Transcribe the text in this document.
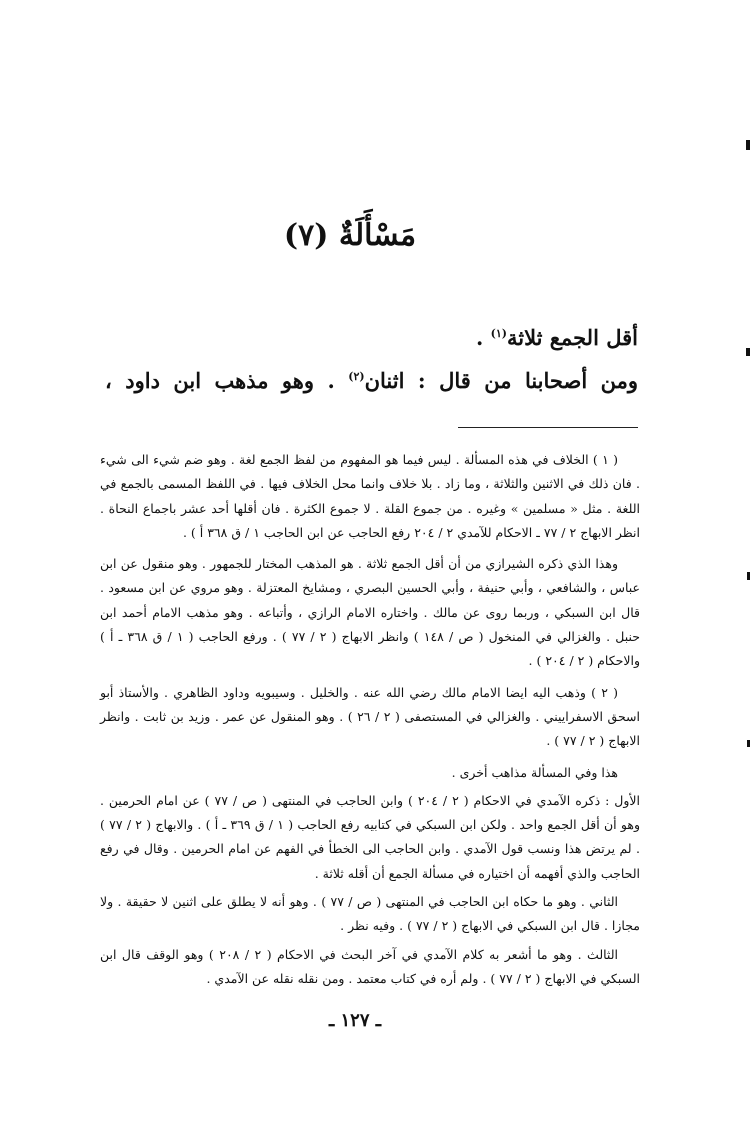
مَسْأَلَةٌ (٧)
أقل الجمع ثلاثة$^{(١)}$ .
ومن أصحابنا من قال : اثنان$^{(٢)}$ . وهو مذهب ابن داود ،

( ١ ) الخلاف في هذه المسألة . ليس فيما هو المفهوم من لفظ الجمع لغة . وهو ضم شيء الى شيء . فان ذلك في الاثنين والثلاثة ، وما زاد . بلا خلاف وانما محل الخلاف فيها . في اللفظ المسمى بالجمع في اللغة . مثل « مسلمين » وغيره . من جموع القلة . لا جموع الكثرة . فان أقلها أحد عشر باجماع النحاة . انظر الابهاج ٢ / ٧٧ ـ الاحكام للآمدي ٢ / ٢٠٤ رفع الحاجب عن ابن الحاجب ١ / ق ٣٦٨ أ ) .

وهذا الذي ذكره الشيرازي من أن أقل الجمع ثلاثة . هو المذهب المختار للجمهور . وهو منقول عن ابن عباس ، والشافعي ، وأبي حنيفة ، وأبي الحسين البصري ، ومشايخ المعتزلة . وهو مروي عن ابن مسعود . قال ابن السبكي ، وربما روى عن مالك . واختاره الامام الرازي ، وأتباعه . وهو مذهب الامام أحمد ابن حنبل . والغزالي في المنخول ( ص / ١٤٨ ) وانظر الابهاج ( ٢ / ٧٧ ) . ورفع الحاجب ( ١ / ق ٣٦٨ ـ أ ) والاحكام ( ٢ / ٢٠٤ ) .

( ٢ ) وذهب اليه ايضا الامام مالك رضي الله عنه . والخليل . وسيبويه وداود الظاهري . والأستاذ أبو اسحق الاسفراييني . والغزالي في المستصفى ( ٢ / ٢٦ ) . وهو المنقول عن عمر . وزيد بن ثابت . وانظر الابهاج ( ٢ / ٧٧ ) .

هذا وفي المسألة مذاهب أخرى .

الأول : ذكره الآمدي في الاحكام ( ٢ / ٢٠٤ ) وابن الحاجب في المنتهى ( ص / ٧٧ ) عن امام الحرمين . وهو أن أقل الجمع واحد . ولكن ابن السبكي في كتابيه رفع الحاجب ( ١ / ق ٣٦٩ ـ أ ) . والابهاج ( ٢ / ٧٧ ) . لم يرتض هذا ونسب قول الآمدي . وابن الحاجب الى الخطأ في الفهم عن امام الحرمين . وقال في رفع الحاجب والذي أفهمه أن اختياره في مسألة الجمع أن أقله ثلاثة .

الثاني . وهو ما حكاه ابن الحاجب في المنتهى ( ص / ٧٧ ) . وهو أنه لا يطلق على اثنين لا حقيقة . ولا مجازا . قال ابن السبكي في الابهاج ( ٢ / ٧٧ ) . وفيه نظر .

الثالث . وهو ما أشعر به كلام الآمدي في آخر البحث في الاحكام ( ٢ / ٢٠٨ ) وهو الوقف قال ابن السبكي في الابهاج ( ٢ / ٧٧ ) . ولم أره في كتاب معتمد . ومن نقله نقله عن الآمدي .

ـ ١٢٧ ـ
